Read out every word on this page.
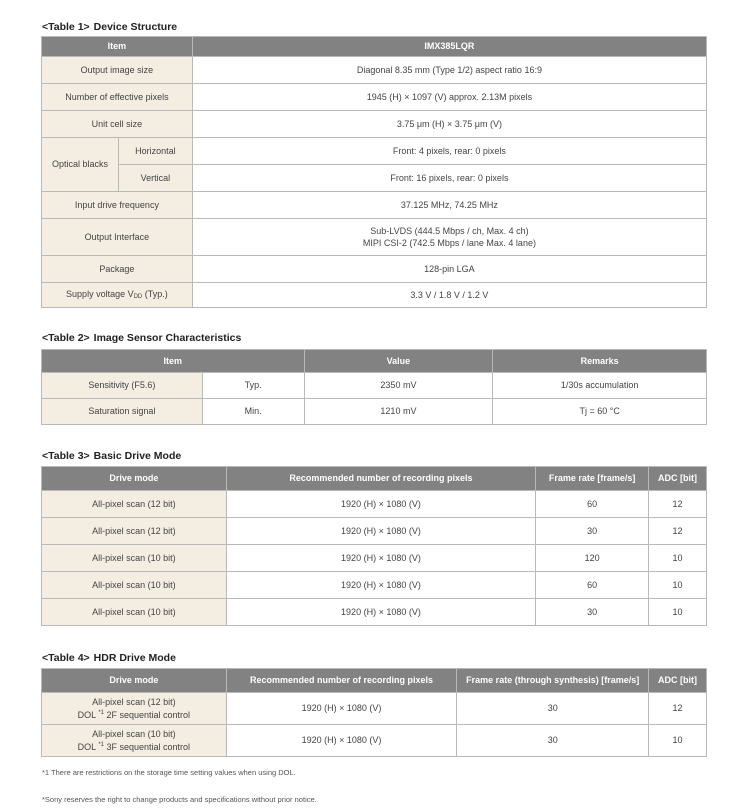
<Table 1> Device Structure
Item		IMX385LQR
Output image size		Diagonal 8.35 mm (Type 1/2) aspect ratio 16:9
Number of effective pixels		1945 (H) × 1097 (V) approx. 2.13M pixels
Unit cell size		3.75 μm (H) × 3.75 μm (V)
Optical blacks	Horizontal	Front: 4 pixels, rear: 0 pixels
	Vertical	Front: 16 pixels, rear: 0 pixels
Input drive frequency		37.125 MHz, 74.25 MHz
Output Interface		Sub-LVDS (444.5 Mbps / ch, Max. 4 ch)
MIPI CSI-2 (742.5 Mbps / lane Max. 4 lane)

Package		128-pin LGA
Supply voltage $V_{DD}$ (Typ.)		3.3 V / 1.8 V / 1.2 V
<Table 2> Image Sensor Characteristics
Item		Value	Remarks
Sensitivity (F5.6)	Typ.	2350 mV	1/30s accumulation
Saturation signal	Min.	1210 mV	Tj = 60 °C
<Table 3> Basic Drive Mode
Drive mode	Recommended number of recording pixels	Frame rate [frame/s]	ADC [bit]
All-pixel scan (12 bit)	1920 (H) × 1080 (V)	60	12
All-pixel scan (12 bit)	1920 (H) × 1080 (V)	30	12
All-pixel scan (10 bit)	1920 (H) × 1080 (V)	120	10
All-pixel scan (10 bit)	1920 (H) × 1080 (V)	60	10
All-pixel scan (10 bit)	1920 (H) × 1080 (V)	30	10
<Table 4> HDR Drive Mode
Drive mode	Recommended number of recording pixels	Frame rate (through synthesis) [frame/s]	ADC [bit]

All-pixel scan (12 bit)
DOL $^{*1}$ 2F sequential control	1920 (H) × 1080 (V)	30	12

All-pixel scan (10 bit)
DOL $^{*1}$ 3F sequential control	1920 (H) × 1080 (V)	30	10
*1 There are restrictions on the storage time setting values when using DOL.
*Sony reserves the right to change products and specifications without prior notice.
